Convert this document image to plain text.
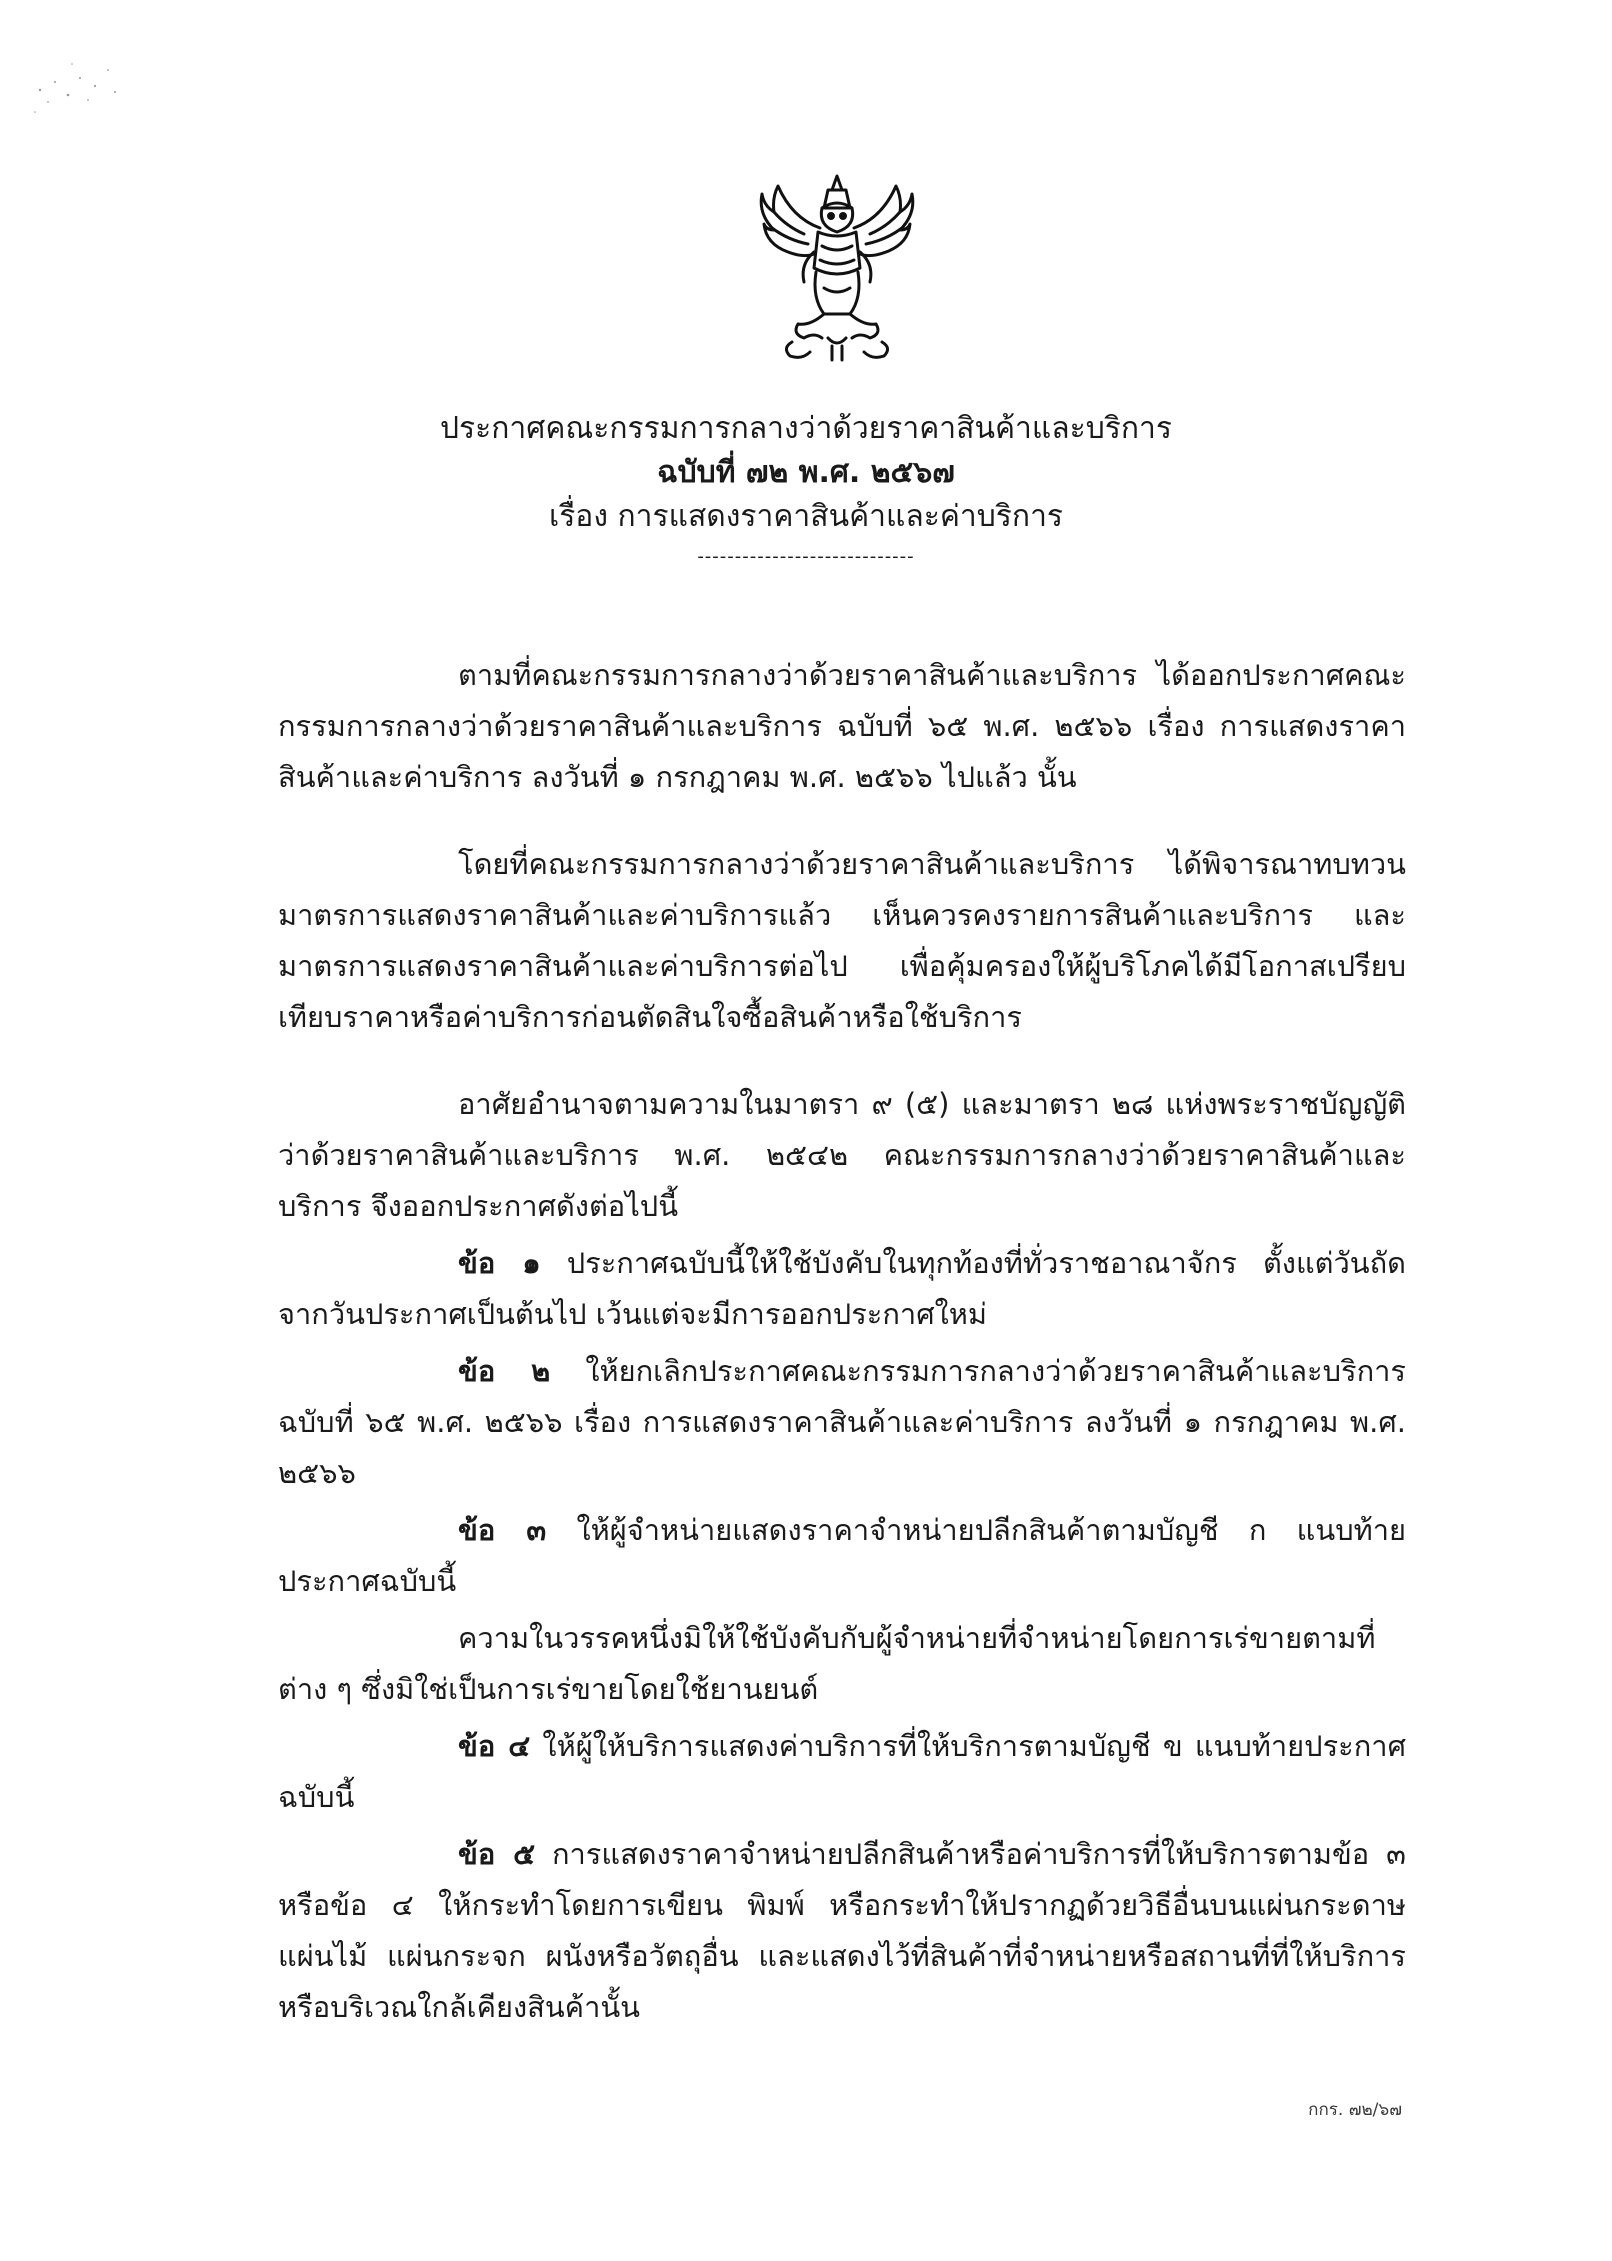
ประกาศคณะกรรมการกลางว่าด้วยราคาสินค้าและบริการ
ฉบับที่ ๗๒ พ.ศ. ๒๕๖๗
เรื่อง การแสดงราคาสินค้าและค่าบริการ
-----------------------------

ตามที่คณะกรรมการกลางว่าด้วยราคาสินค้าและบริการ ได้ออกประกาศคณะกรรมการกลางว่าด้วยราคาสินค้าและบริการ ฉบับที่ ๖๕ พ.ศ. ๒๕๖๖ เรื่อง การแสดงราคาสินค้าและค่าบริการ ลงวันที่ ๑ กรกฎาคม พ.ศ. ๒๕๖๖ ไปแล้ว นั้น

โดยที่คณะกรรมการกลางว่าด้วยราคาสินค้าและบริการ ได้พิจารณาทบทวนมาตรการแสดงราคาสินค้าและค่าบริการแล้ว เห็นควรคงรายการสินค้าและบริการ และมาตรการแสดงราคาสินค้าและค่าบริการต่อไป เพื่อคุ้มครองให้ผู้บริโภคได้มีโอกาสเปรียบเทียบราคาหรือค่าบริการก่อนตัดสินใจซื้อสินค้าหรือใช้บริการ

อาศัยอำนาจตามความในมาตรา ๙ (๕) และมาตรา ๒๘ แห่งพระราชบัญญัติว่าด้วยราคาสินค้าและบริการ พ.ศ. ๒๕๔๒ คณะกรรมการกลางว่าด้วยราคาสินค้าและบริการ จึงออกประกาศดังต่อไปนี้

ข้อ ๑ ประกาศฉบับนี้ให้ใช้บังคับในทุกท้องที่ทั่วราชอาณาจักร ตั้งแต่วันถัดจากวันประกาศเป็นต้นไป เว้นแต่จะมีการออกประกาศใหม่

ข้อ ๒ ให้ยกเลิกประกาศคณะกรรมการกลางว่าด้วยราคาสินค้าและบริการ ฉบับที่ ๖๕ พ.ศ. ๒๕๖๖ เรื่อง การแสดงราคาสินค้าและค่าบริการ ลงวันที่ ๑ กรกฎาคม พ.ศ. ๒๕๖๖

ข้อ ๓ ให้ผู้จำหน่ายแสดงราคาจำหน่ายปลีกสินค้าตามบัญชี ก แนบท้ายประกาศฉบับนี้

ความในวรรคหนึ่งมิให้ใช้บังคับกับผู้จำหน่ายที่จำหน่ายโดยการเร่ขายตามที่ต่าง ๆ ซึ่งมิใช่เป็นการเร่ขายโดยใช้ยานยนต์

ข้อ ๔ ให้ผู้ให้บริการแสดงค่าบริการที่ให้บริการตามบัญชี ข แนบท้ายประกาศฉบับนี้

ข้อ ๕ การแสดงราคาจำหน่ายปลีกสินค้าหรือค่าบริการที่ให้บริการตามข้อ ๓ หรือข้อ ๔ ให้กระทำโดยการเขียน พิมพ์ หรือกระทำให้ปรากฏด้วยวิธีอื่นบนแผ่นกระดาษ แผ่นไม้ แผ่นกระจก ผนังหรือวัตถุอื่น และแสดงไว้ที่สินค้าที่จำหน่ายหรือสถานที่ที่ให้บริการ หรือบริเวณใกล้เคียงสินค้านั้น

กกร. ๗๒/๖๗
